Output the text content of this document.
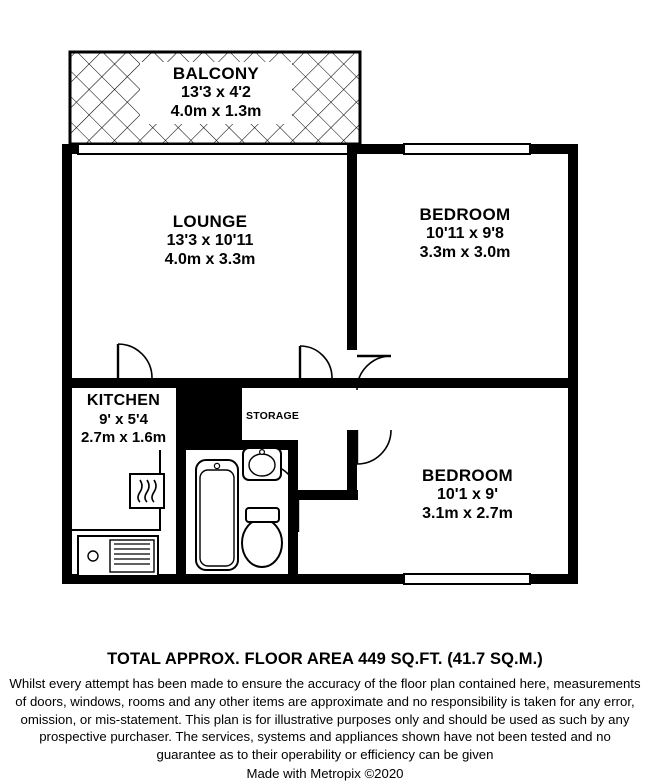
BALCONY
13'3 x 4'2
4.0m x 1.3m
LOUNGE
13'3 x 10'11
4.0m x 3.3m
BEDROOM
10'11 x 9'8
3.3m x 3.0m
BEDROOM
10'1 x 9'
3.1m x 2.7m
KITCHEN
9' x 5'4
2.7m x 1.6m
STORAGE
TOTAL APPROX. FLOOR AREA 449 SQ.FT. (41.7 SQ.M.)
Whilst every attempt has been made to ensure the accuracy of the floor plan contained here, measurements of doors, windows, rooms and any other items are approximate and no responsibility is taken for any error, omission, or mis-statement. This plan is for illustrative purposes only and should be used as such by any prospective purchaser. The services, systems and appliances shown have not been tested and no guarantee as to their operability or efficiency can be given
Made with Metropix ©2020
